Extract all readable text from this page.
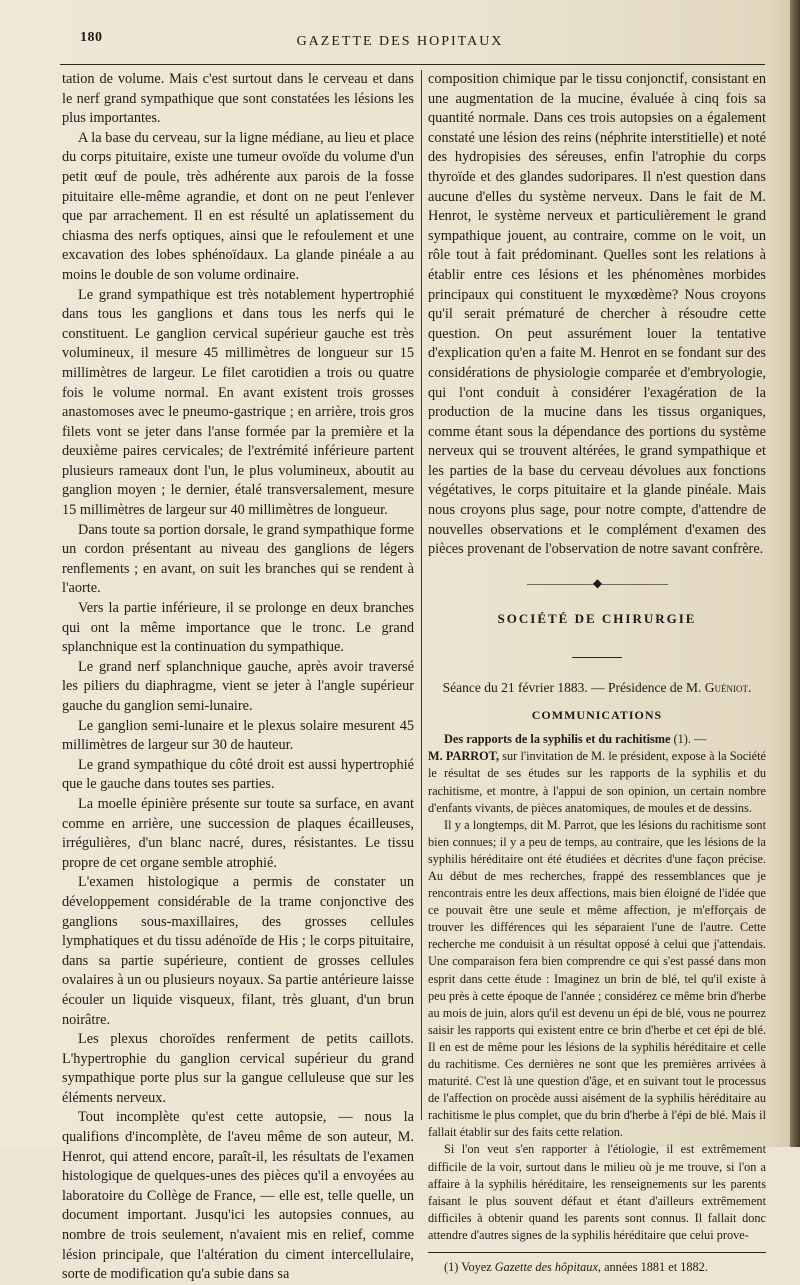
180	GAZETTE DES HOPITAUX

tation de volume. Mais c'est surtout dans le cerveau et dans le nerf grand sympathique que sont constatées les lésions les plus importantes.

A la base du cerveau, sur la ligne médiane, au lieu et place du corps pituitaire, existe une tumeur ovoïde du volume d'un petit œuf de poule, très adhérente aux parois de la fosse pituitaire elle-même agrandie, et dont on ne peut l'enlever que par arrachement. Il en est résulté un aplatissement du chiasma des nerfs optiques, ainsi que le refoulement et une excavation des lobes sphénoïdaux. La glande pinéale a au moins le double de son volume ordinaire.

Le grand sympathique est très notablement hypertrophié dans tous les ganglions et dans tous les nerfs qui le constituent. Le ganglion cervical supérieur gauche est très volumineux, il mesure 45 millimètres de longueur sur 15 millimètres de largeur. Le filet carotidien a trois ou quatre fois le volume normal. En avant existent trois grosses anastomoses avec le pneumo-gastrique ; en arrière, trois gros filets vont se jeter dans l'anse formée par la première et la deuxième paires cervicales; de l'extrémité inférieure partent plusieurs rameaux dont l'un, le plus volumineux, aboutit au ganglion moyen ; le dernier, étalé transversalement, mesure 15 millimètres de largeur sur 40 millimètres de longueur.

Dans toute sa portion dorsale, le grand sympathique forme un cordon présentant au niveau des ganglions de légers renflements ; en avant, on suit les branches qui se rendent à l'aorte.

Vers la partie inférieure, il se prolonge en deux branches qui ont la même importance que le tronc. Le grand splanchnique est la continuation du sympathique.

Le grand nerf splanchnique gauche, après avoir traversé les piliers du diaphragme, vient se jeter à l'angle supérieur gauche du ganglion semi-lunaire.

Le ganglion semi-lunaire et le plexus solaire mesurent 45 millimètres de largeur sur 30 de hauteur.

Le grand sympathique du côté droit est aussi hypertrophié que le gauche dans toutes ses parties.

La moelle épinière présente sur toute sa surface, en avant comme en arrière, une succession de plaques écailleuses, irrégulières, d'un blanc nacré, dures, résistantes. Le tissu propre de cet organe semble atrophié.

L'examen histologique a permis de constater un développement considérable de la trame conjonctive des ganglions sous-maxillaires, des grosses cellules lymphatiques et du tissu adénoïde de His ; le corps pituitaire, dans sa partie supérieure, contient de grosses cellules ovalaires à un ou plusieurs noyaux. Sa partie antérieure laisse écouler un liquide visqueux, filant, très gluant, d'un brun noirâtre.

Les plexus choroïdes renferment de petits caillots. L'hypertrophie du ganglion cervical supérieur du grand sympathique porte plus sur la gangue celluleuse que sur les éléments nerveux.

Tout incomplète qu'est cette autopsie, — nous la qualifions d'incomplète, de l'aveu même de son auteur, M. Henrot, qui attend encore, paraît-il, les résultats de l'examen histologique de quelques-unes des pièces qu'il a envoyées au laboratoire du Collège de France, — elle est, telle quelle, un document important. Jusqu'ici les autopsies connues, au nombre de trois seulement, n'avaient mis en relief, comme lésion principale, que l'altération du ciment intercellulaire, sorte de modification qu'a subie dans sa

composition chimique par le tissu conjonctif, consistant en une augmentation de la mucine, évaluée à cinq fois sa quantité normale. Dans ces trois autopsies on a également constaté une lésion des reins (néphrite interstitielle) et noté des hydropisies des séreuses, enfin l'atrophie du corps thyroïde et des glandes sudoripares. Il n'est question dans aucune d'elles du système nerveux. Dans le fait de M. Henrot, le système nerveux et particulièrement le grand sympathique jouent, au contraire, comme on le voit, un rôle tout à fait prédominant. Quelles sont les relations à établir entre ces lésions et les phénomènes morbides principaux qui constituent le myxœdème? Nous croyons qu'il serait prématuré de chercher à résoudre cette question. On peut assurément louer la tentative d'explication qu'en a faite M. Henrot en se fondant sur des considérations de physiologie comparée et d'embryologie, qui l'ont conduit à considérer l'exagération de la production de la mucine dans les tissus organiques, comme étant sous la dépendance des portions du système nerveux qui se trouvent altérées, le grand sympathique et les parties de la base du cerveau dévolues aux fonctions végétatives, le corps pituitaire et la glande pinéale. Mais nous croyons plus sage, pour notre compte, d'attendre de nouvelles observations et le complément d'examen des pièces provenant de l'observation de notre savant confrère.

——————◆——————
SOCIÉTÉ DE CHIRURGIE
Séance du 21 février 1883. — Présidence de M. Guéniot.
COMMUNICATIONS

Des rapports de la syphilis et du rachitisme (1). —
M. PARROT, sur l'invitation de M. le président, expose à la Société le résultat de ses études sur les rapports de la syphilis et du rachitisme, et montre, à l'appui de son opinion, un certain nombre d'enfants vivants, de pièces anatomiques, de moules et de dessins.

Il y a longtemps, dit M. Parrot, que les lésions du rachitisme sont bien connues; il y a peu de temps, au contraire, que les lésions de la syphilis héréditaire ont été étudiées et décrites d'une façon précise. Au début de mes recherches, frappé des ressemblances que je rencontrais entre les deux affections, mais bien éloigné de l'idée que ce pouvait être une seule et même affection, je m'efforçais de trouver les différences qui les séparaient l'une de l'autre. Cette recherche me conduisit à un résultat opposé à celui que j'attendais. Une comparaison fera bien comprendre ce qui s'est passé dans mon esprit dans cette étude : Imaginez un brin de blé, tel qu'il existe à peu près à cette époque de l'année ; considérez ce même brin d'herbe au mois de juin, alors qu'il est devenu un épi de blé, vous ne pourrez saisir les rapports qui existent entre ce brin d'herbe et cet épi de blé. Il en est de même pour les lésions de la syphilis héréditaire et celle du rachitisme. Ces dernières ne sont que les premières arrivées à maturité. C'est là une question d'âge, et en suivant tout le processus de l'affection on procède aussi aisément de la syphilis héréditaire au rachitisme le plus complet, que du brin d'herbe à l'épi de blé. Mais il fallait établir sur des faits cette relation.

Si l'on veut s'en rapporter à l'étiologie, il est extrêmement difficile de la voir, surtout dans le milieu où je me trouve, si l'on a affaire à la syphilis héréditaire, les renseignements sur les parents faisant le plus souvent défaut et étant d'ailleurs extrêmement difficiles à obtenir quand les parents sont connus. Il fallait donc attendre d'autres signes de la syphilis héréditaire que celui prove-

(1) Voyez Gazette des hôpitaux, années 1881 et 1882.
